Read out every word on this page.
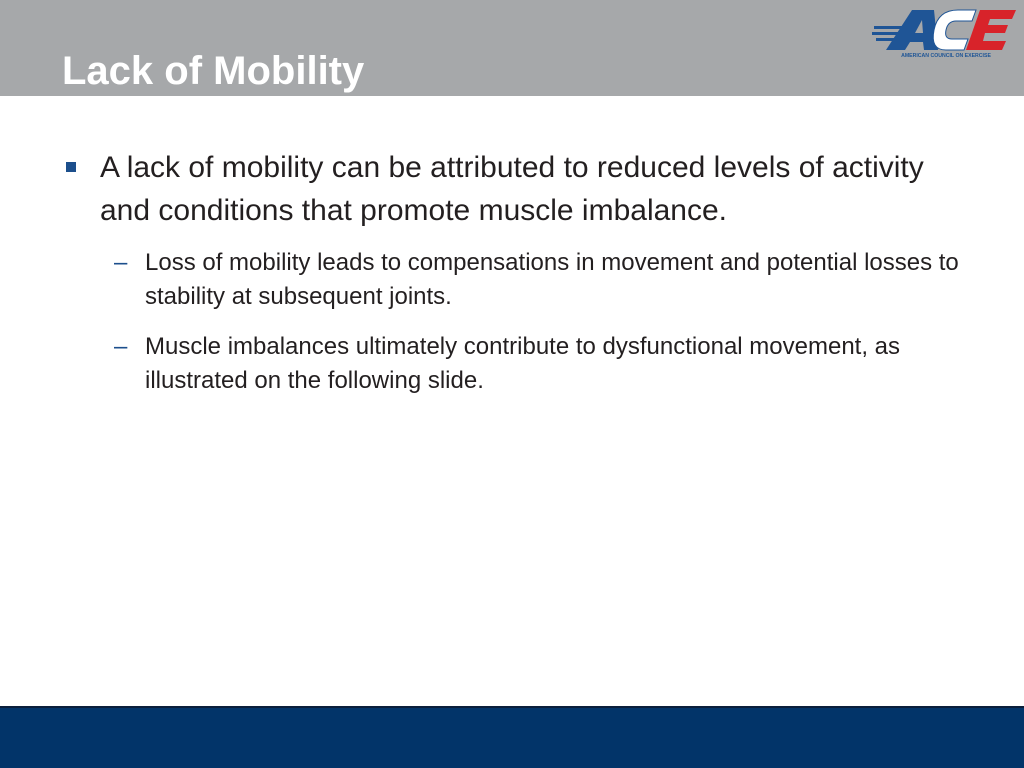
Lack of Mobility	AMERICAN COUNCIL ON EXERCISE
A lack of mobility can be attributed to reduced levels of activity and conditions that promote muscle imbalance.
– Loss of mobility leads to compensations in movement and potential losses to stability at subsequent joints.
– Muscle imbalances ultimately contribute to dysfunctional movement, as illustrated on the following slide.
